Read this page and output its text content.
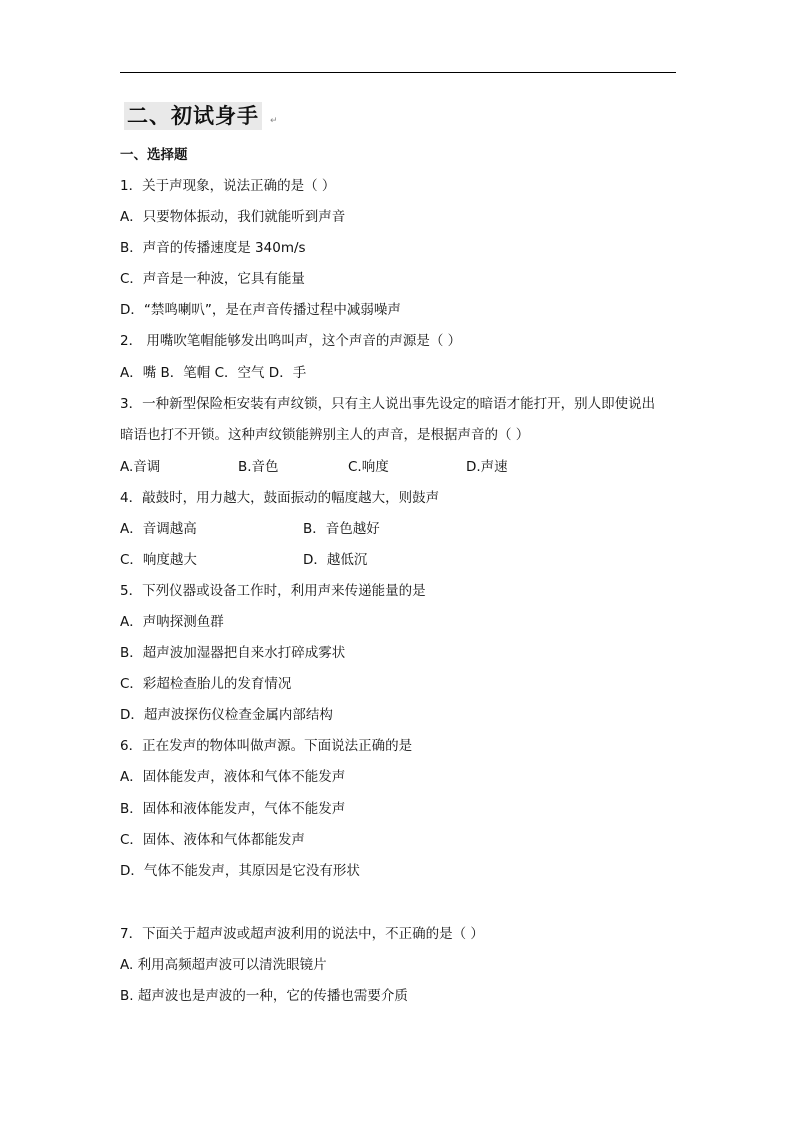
二、初试身手	↵
一、选择题
1．关于声现象，说法正确的是（ ）
A．只要物体振动，我们就能听到声音
B．声音的传播速度是 340m/s
C．声音是一种波，它具有能量
D．“禁鸣喇叭”，是在声音传播过程中减弱噪声
2． 用嘴吹笔帽能够发出鸣叫声，这个声音的声源是（ ）
A．嘴 B．笔帽 C．空气 D．手
3．一种新型保险柜安装有声纹锁，只有主人说出事先设定的暗语才能打开，别人即使说出
暗语也打不开锁。这种声纹锁能辨别主人的声音，是根据声音的（ ）
A.音调	B.音色	C.响度	D.声速
4．敲鼓时，用力越大，鼓面振动的幅度越大，则鼓声
A．音调越高	B．音色越好
C．响度越大	D．越低沉
5．下列仪器或设备工作时，利用声来传递能量的是
A．声呐探测鱼群
B．超声波加湿器把自来水打碎成雾状
C．彩超检查胎儿的发育情况
D．超声波探伤仪检查金属内部结构
6．正在发声的物体叫做声源。下面说法正确的是
A．固体能发声，液体和气体不能发声
B．固体和液体能发声，气体不能发声
C．固体、液体和气体都能发声
D．气体不能发声，其原因是它没有形状
7．下面关于超声波或超声波利用的说法中，不正确的是（ ）
A. 利用高频超声波可以清洗眼镜片
B. 超声波也是声波的一种，它的传播也需要介质
